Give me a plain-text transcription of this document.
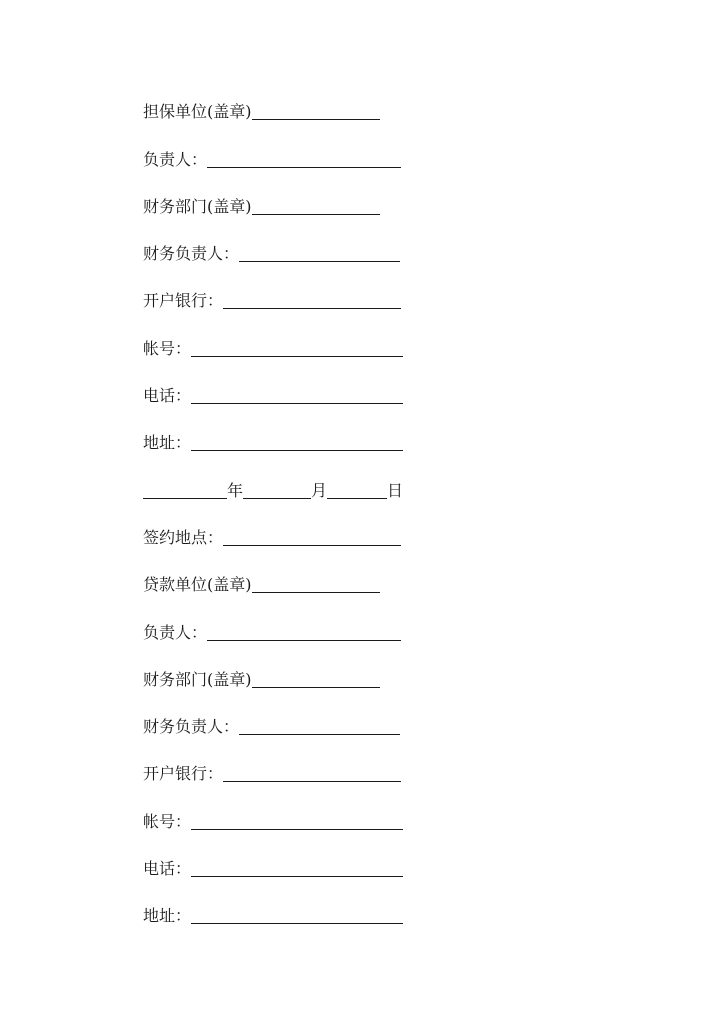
担保单位(盖章)
负责人：
财务部门(盖章)
财务负责人：
开户银行：
帐号：
电话：
地址：
年	月	日
签约地点：
贷款单位(盖章)
负责人：
财务部门(盖章)
财务负责人：
开户银行：
帐号：
电话：
地址：
